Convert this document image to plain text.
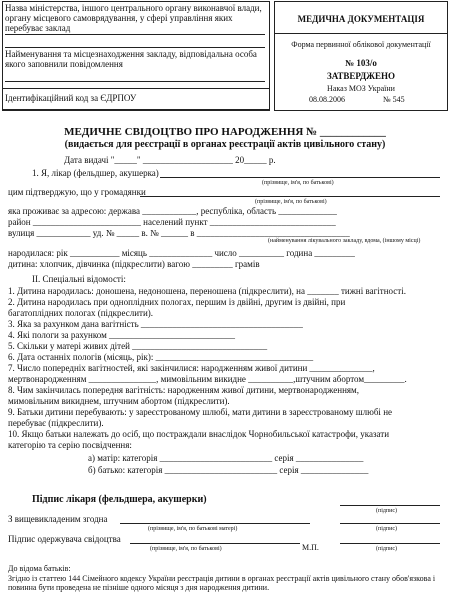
Назва міністерства, іншого центрального органу виконавчої влади, органу місцевого самоврядування, у сфері управління яких перебуває заклад
Найменування та місцезнаходження закладу, відповідальна особа якого заповнили повідомлення
Ідентифікаційний код за ЄДРПОУ
МЕДИЧНА ДОКУМЕНТАЦІЯ
Форма первинної облікової документації
№ 103/о
ЗАТВЕРДЖЕНО
Наказ МОЗ України
08.08.2006	№ 545
МЕДИЧНЕ СВІДОЦТВО ПРО НАРОДЖЕННЯ № ____________
(видається для реєстрації в органах реєстрації актів цивільного стану)
Дата видачі "_____" ____________________ 20_____ р.
1. Я, лікар (фельдшер, акушерка)
(прізвище, ім'я, по батькові)
цим підтверджую, що у громадянки
(прізвище, ім'я, по батькові)
яка проживає за адресою: держава ____________, республіка, область _____________
район ________________________ населений пункт ____________________________
вулиця ____________ уд. № _____ в. № ______ в __________________________________
(найменування лікувального закладу, вдома, (іншому місці)
народилася: рік ___________ місяць ______________ число __________ година _________
дитина: хлопчик, дівчинка (підкреслити) вагою _________ грамів
II. Спеціальні відомості:
1. Дитина народилась: доношена, недоношена, переношена (підкреслити), на _______ тижні вагітності.
2. Дитина народилась при одноплідних пологах, першим із двійні, другим із двійні, при
багатоплідних пологах (підкреслити).
3. Яка за рахунком дана вагітність ____________________________________
4. Які пологи за рахунком ____________________________
5. Скільки у матері живих дітей ______________________________
6. Дата останніх пологів (місяць, рік): ___________________________________
7. Число попередніх вагітностей, які закінчилися: народженням живої дитини ______________,
мертвонародженням _______________, мимовільним викидне __________,штучним абортом_________.
8. Чим закінчилась попередня вагітність: народженням живої дитини, мертвонародженням,
мимовільним викиднем, штучним абортом (підкреслити).
9. Батьки дитини перебувають: у зареєстрованому шлюбі, мати дитини в зареєстрованому шлюбі не
перебуває (підкреслити).
10. Якщо батьки належать до осіб, що постраждали внаслідок Чорнобильської катастрофи, указати
категорію та серію посвідчення:
а) матір: категорія _________________________ серія _______________
б) батько: категорія _________________________ серія _______________
Підпис лікаря (фельдшера, акушерки)
(підпис)
З вищевикладеним згодна
(прізвище, ім'я, по батькові матері)	(підпис)
Підпис одержувача свідоцтва
(прізвище, ім'я, по батькові)	М.П.	(підпис)
До відома батьків:
Згідно із статтею 144 Сімейного кодексу України реєстрація дитини в органах реєстрації актів цивільного стану обов'язкова і повинна бути проведена не пізніше одного місяця з дня народження дитини.
